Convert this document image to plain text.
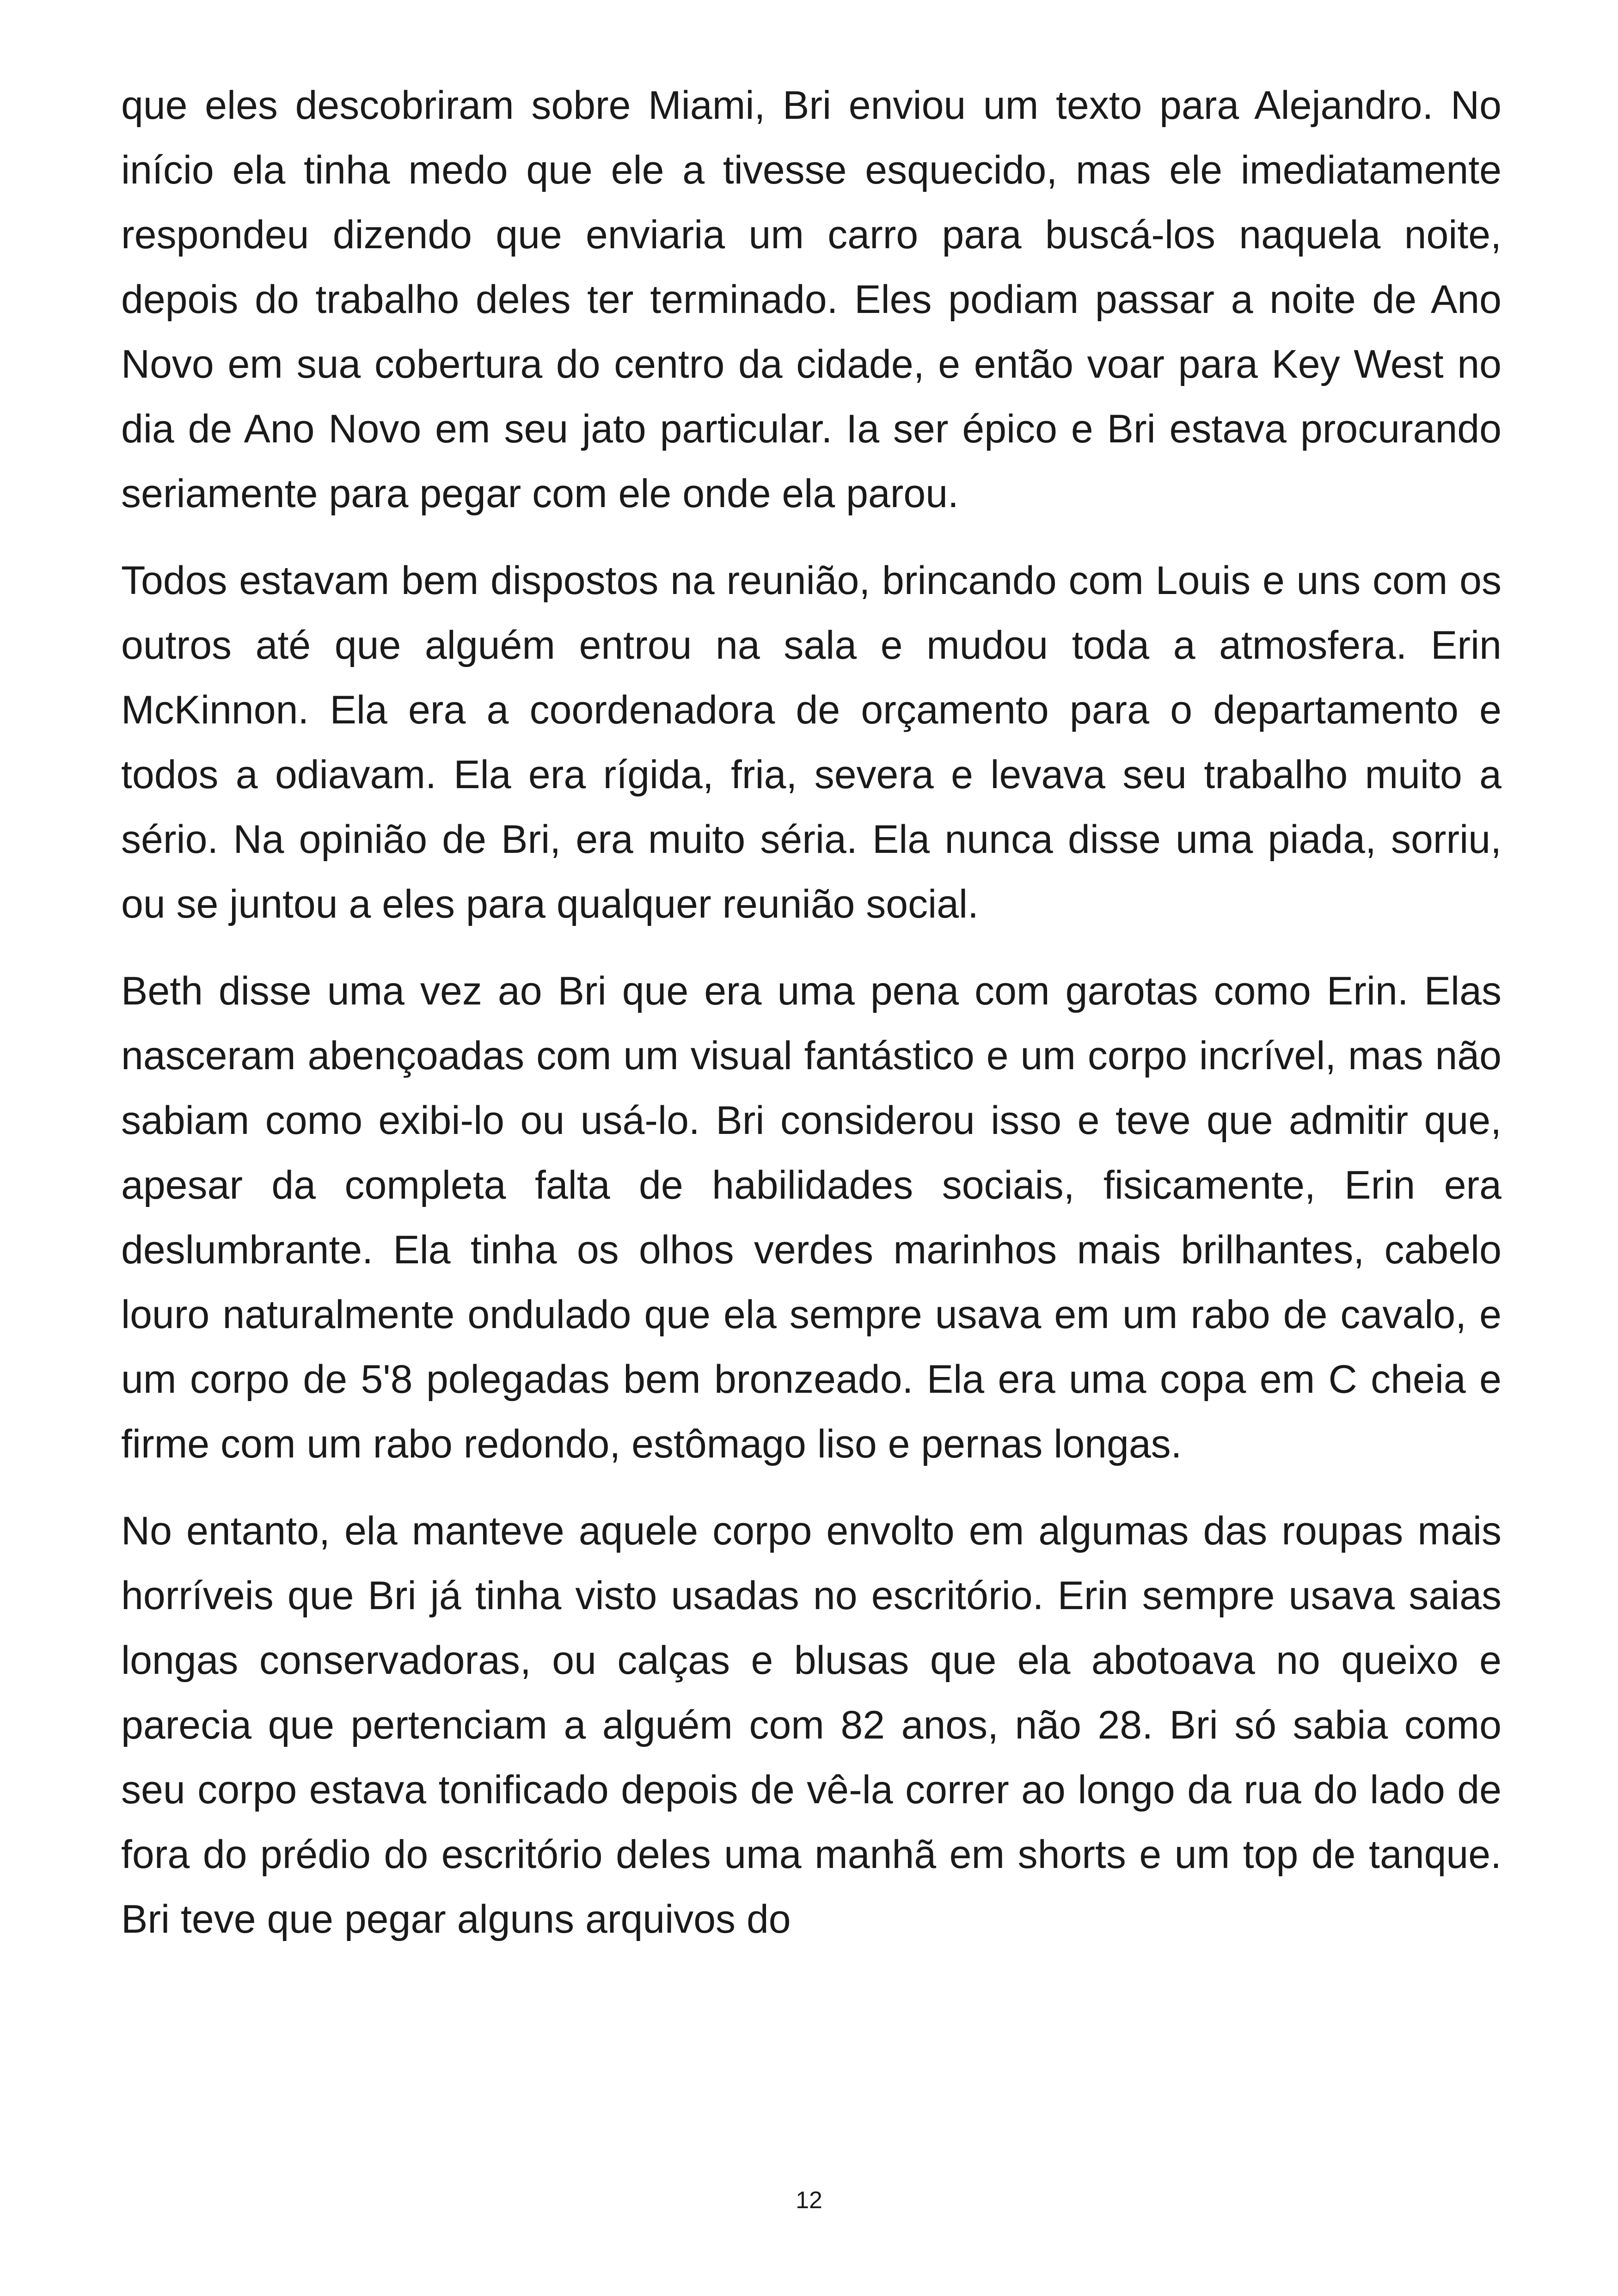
que eles descobriram sobre Miami, Bri enviou um texto para Alejandro. No início ela tinha medo que ele a tivesse esquecido, mas ele imediatamente respondeu dizendo que enviaria um carro para buscá-los naquela noite, depois do trabalho deles ter terminado. Eles podiam passar a noite de Ano Novo em sua cobertura do centro da cidade, e então voar para Key West no dia de Ano Novo em seu jato particular. Ia ser épico e Bri estava procurando seriamente para pegar com ele onde ela parou.

Todos estavam bem dispostos na reunião, brincando com Louis e uns com os outros até que alguém entrou na sala e mudou toda a atmosfera. Erin McKinnon. Ela era a coordenadora de orçamento para o departamento e todos a odiavam. Ela era rígida, fria, severa e levava seu trabalho muito a sério. Na opinião de Bri, era muito séria. Ela nunca disse uma piada, sorriu, ou se juntou a eles para qualquer reunião social.

Beth disse uma vez ao Bri que era uma pena com garotas como Erin. Elas nasceram abençoadas com um visual fantástico e um corpo incrível, mas não sabiam como exibi-lo ou usá-lo. Bri considerou isso e teve que admitir que, apesar da completa falta de habilidades sociais, fisicamente, Erin era deslumbrante. Ela tinha os olhos verdes marinhos mais brilhantes, cabelo louro naturalmente ondulado que ela sempre usava em um rabo de cavalo, e um corpo de 5'8 polegadas bem bronzeado. Ela era uma copa em C cheia e firme com um rabo redondo, estômago liso e pernas longas.

No entanto, ela manteve aquele corpo envolto em algumas das roupas mais horríveis que Bri já tinha visto usadas no escritório. Erin sempre usava saias longas conservadoras, ou calças e blusas que ela abotoava no queixo e parecia que pertenciam a alguém com 82 anos, não 28. Bri só sabia como seu corpo estava tonificado depois de vê-la correr ao longo da rua do lado de fora do prédio do escritório deles uma manhã em shorts e um top de tanque. Bri teve que pegar alguns arquivos do

12
